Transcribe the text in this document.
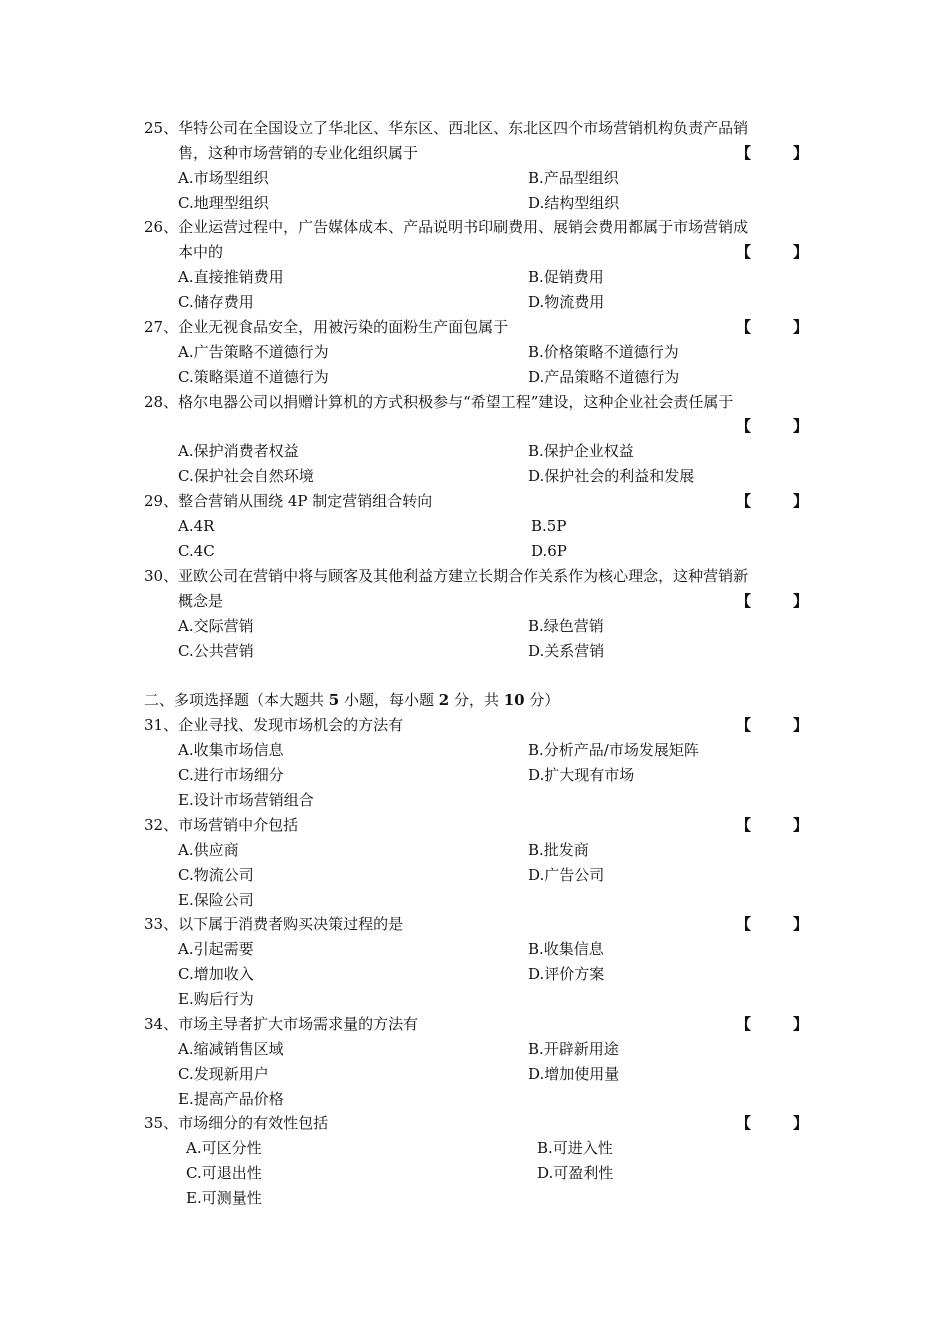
25、华特公司在全国设立了华北区、华东区、西北区、东北区四个市场营销机构负责产品销
售，这种市场营销的专业化组织属于	【	】
A.市场型组织	B.产品型组织
C.地理型组织	D.结构型组织
26、企业运营过程中，广告媒体成本、产品说明书印刷费用、展销会费用都属于市场营销成
本中的	【	】
A.直接推销费用	B.促销费用
C.储存费用	D.物流费用
27、企业无视食品安全，用被污染的面粉生产面包属于	【	】
A.广告策略不道德行为	B.价格策略不道德行为
C.策略渠道不道德行为	D.产品策略不道德行为
28、格尔电器公司以捐赠计算机的方式积极参与“希望工程”建设，这种企业社会责任属于
【	】
A.保护消费者权益	B.保护企业权益
C.保护社会自然环境	D.保护社会的利益和发展
29、整合营销从围绕 4P 制定营销组合转向	【	】
A.4R	B.5P
C.4C	D.6P
30、亚欧公司在营销中将与顾客及其他利益方建立长期合作关系作为核心理念，这种营销新
概念是	【	】
A.交际营销	B.绿色营销
C.公共营销	D.关系营销
二、多项选择题（本大题共 5 小题，每小题 2 分，共 10 分）
31、企业寻找、发现市场机会的方法有	【	】
A.收集市场信息	B.分析产品/市场发展矩阵
C.进行市场细分	D.扩大现有市场
E.设计市场营销组合
32、市场营销中介包括	【	】
A.供应商	B.批发商
C.物流公司	D.广告公司
E.保险公司
33、以下属于消费者购买决策过程的是	【	】
A.引起需要	B.收集信息
C.增加收入	D.评价方案
E.购后行为
34、市场主导者扩大市场需求量的方法有	【	】
A.缩减销售区域	B.开辟新用途
C.发现新用户	D.增加使用量
E.提高产品价格
35、市场细分的有效性包括	【	】
A.可区分性	B.可进入性
C.可退出性	D.可盈利性
E.可测量性
